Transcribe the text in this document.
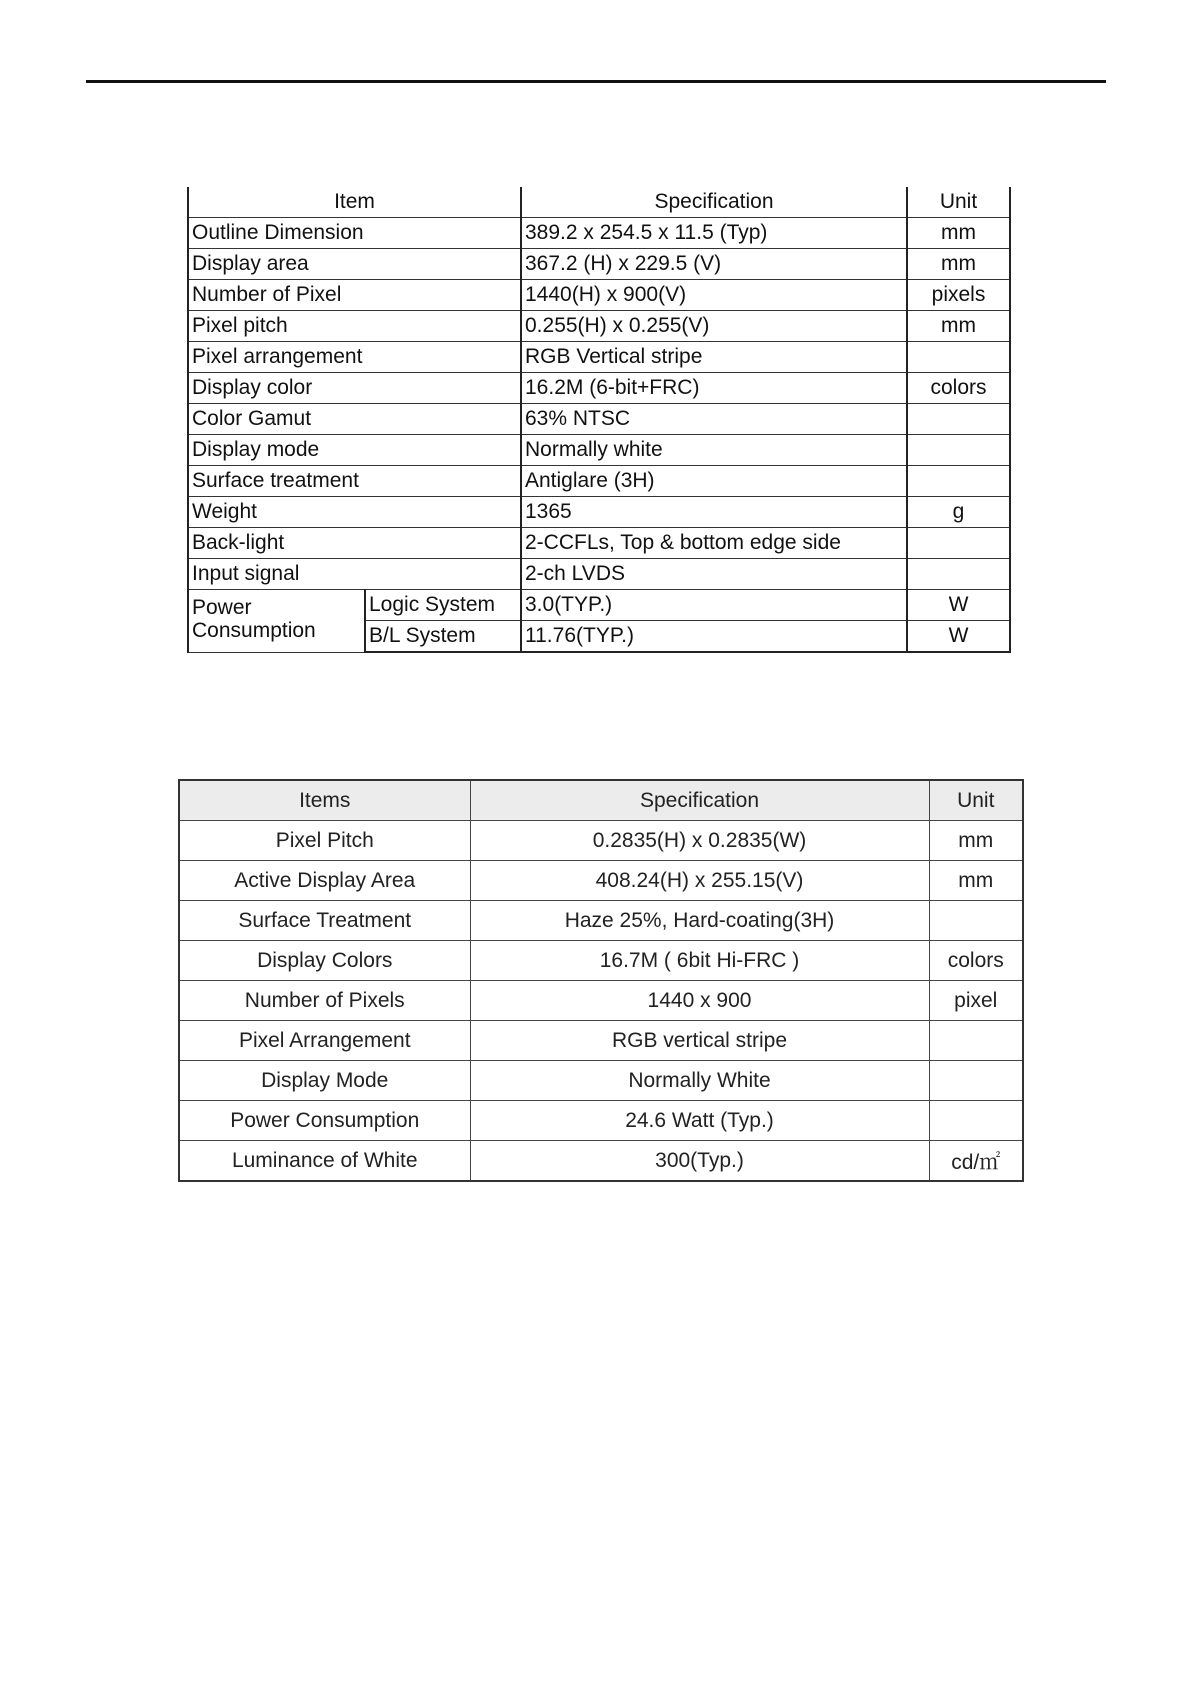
Item		Specification	Unit
Outline Dimension		389.2 x 254.5 x 11.5 (Typ)	mm
Display area		367.2 (H) x 229.5 (V)	mm
Number of Pixel		1440(H) x 900(V)	pixels
Pixel pitch		0.255(H) x 0.255(V)	mm
Pixel arrangement		RGB Vertical stripe	
Display color		16.2M (6-bit+FRC)	colors
Color Gamut		63% NTSC	
Display mode		Normally white	
Surface treatment		Antiglare (3H)	
Weight		1365	g
Back-light		2-CCFLs, Top & bottom edge side	
Input signal		2-ch LVDS	
Power Consumption	Logic System	3.0(TYP.)	W
	B/L System	11.76(TYP.)	W
Items	Specification	Unit
Pixel Pitch	0.2835(H) x 0.2835(W)	mm
Active Display Area	408.24(H) x 255.15(V)	mm
Surface Treatment	Haze 25%, Hard-coating(3H)	
Display Colors	16.7M ( 6bit Hi-FRC )	colors
Number of Pixels	1440 x 900	pixel
Pixel Arrangement	RGB vertical stripe	
Display Mode	Normally White	
Power Consumption	24.6 Watt (Typ.)	
Luminance of White	300(Typ.)	cd/㎡
